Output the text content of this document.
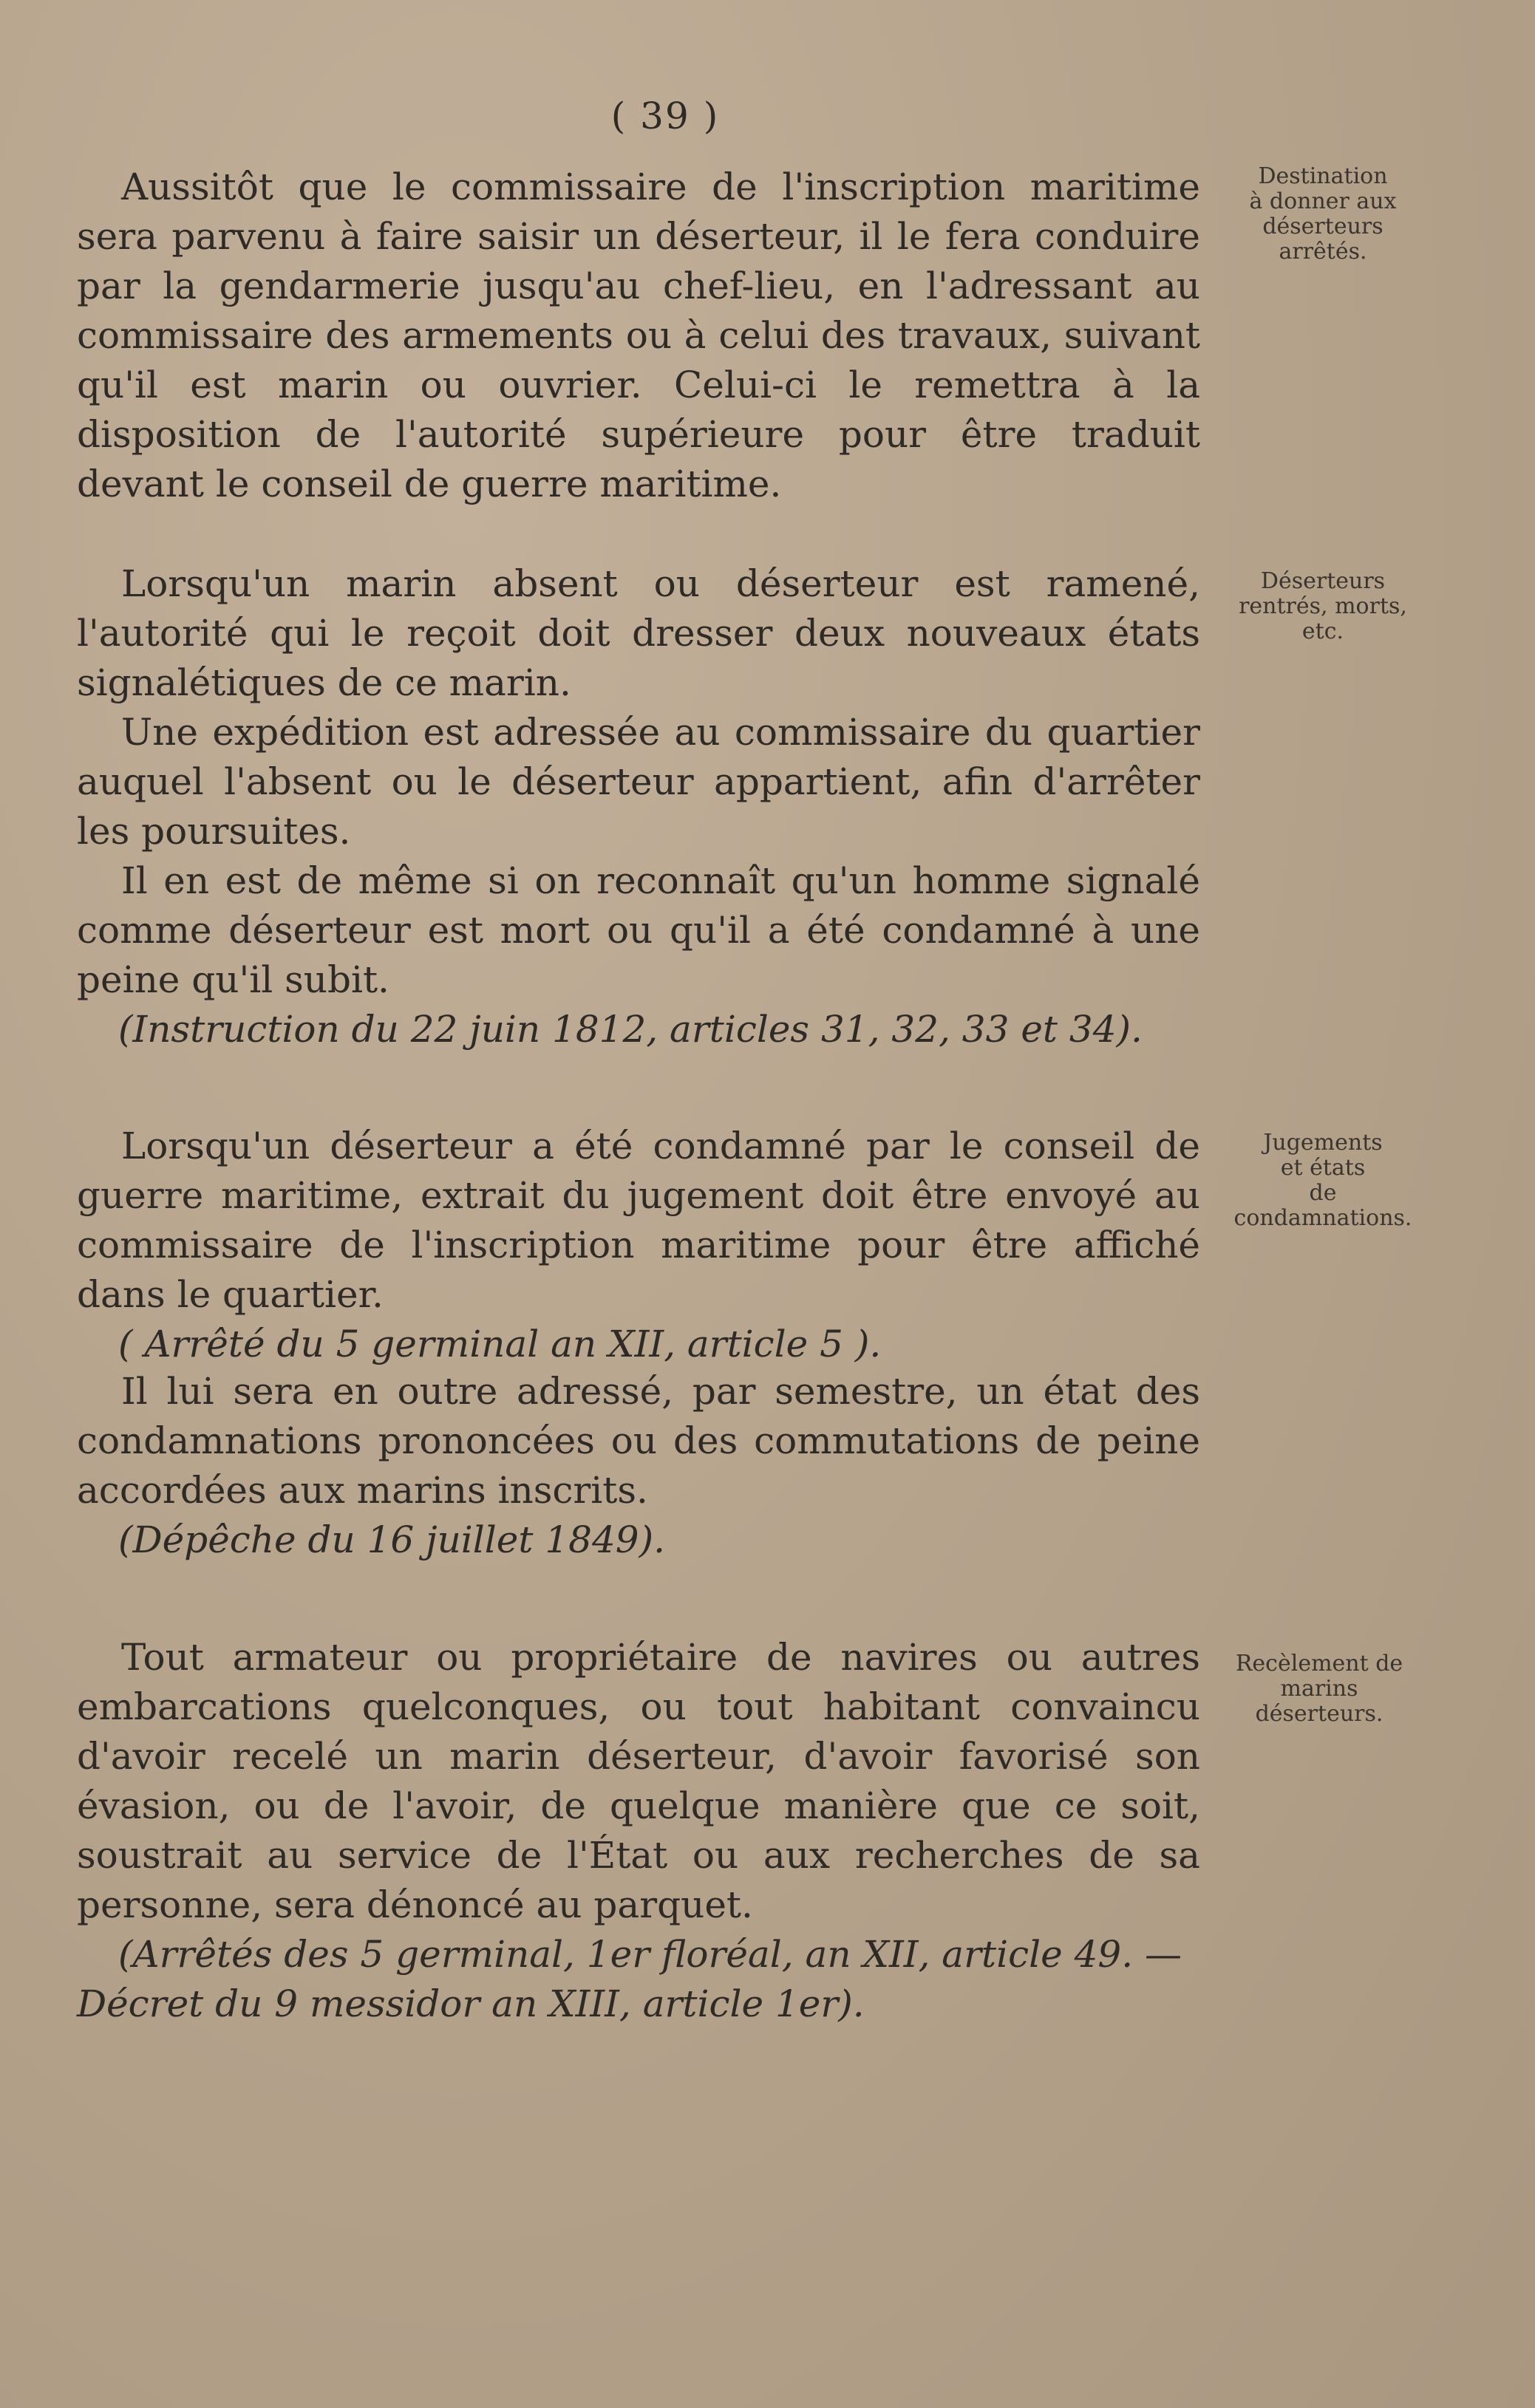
( 39 )

Aussitôt que le commissaire de l'inscription maritime sera parvenu à faire saisir un déserteur, il le fera conduire par la gendarmerie jusqu'au chef-lieu, en l'adressant au commissaire des armements ou à celui des travaux, suivant qu'il est marin ou ouvrier. Celui-ci le remettra à la disposition de l'autorité supérieure pour être traduit devant le conseil de guerre maritime.

Destination
à donner aux
déserteurs
arrêtés.

Lorsqu'un marin absent ou déserteur est ramené, l'autorité qui le reçoit doit dresser deux nouveaux états signalétiques de ce marin.

Une expédition est adressée au commissaire du quartier auquel l'absent ou le déserteur appartient, afin d'arrêter les poursuites.

Il en est de même si on reconnaît qu'un homme signalé comme déserteur est mort ou qu'il a été condamné à une peine qu'il subit.

(Instruction du 22 juin 1812, articles 31, 32, 33 et 34).

Déserteurs
rentrés, morts,
etc.

Lorsqu'un déserteur a été condamné par le conseil de guerre maritime, extrait du jugement doit être envoyé au commissaire de l'inscription maritime pour être affiché dans le quartier.

( Arrêté du 5 germinal an XII, article 5 ).

Jugements
et états
de
condamnations.

Il lui sera en outre adressé, par semestre, un état des condamnations prononcées ou des commutations de peine accordées aux marins inscrits.

(Dépêche du 16 juillet 1849).

Tout armateur ou propriétaire de navires ou autres embarcations quelconques, ou tout habitant convaincu d'avoir recelé un marin déserteur, d'avoir favorisé son évasion, ou de l'avoir, de quelque manière que ce soit, soustrait au service de l'État ou aux recherches de sa personne, sera dénoncé au parquet.

(Arrêtés des 5 germinal, 1er floréal, an XII, article 49. — Décret du 9 messidor an XIII, article 1er).

Recèlement de
marins
déserteurs.
